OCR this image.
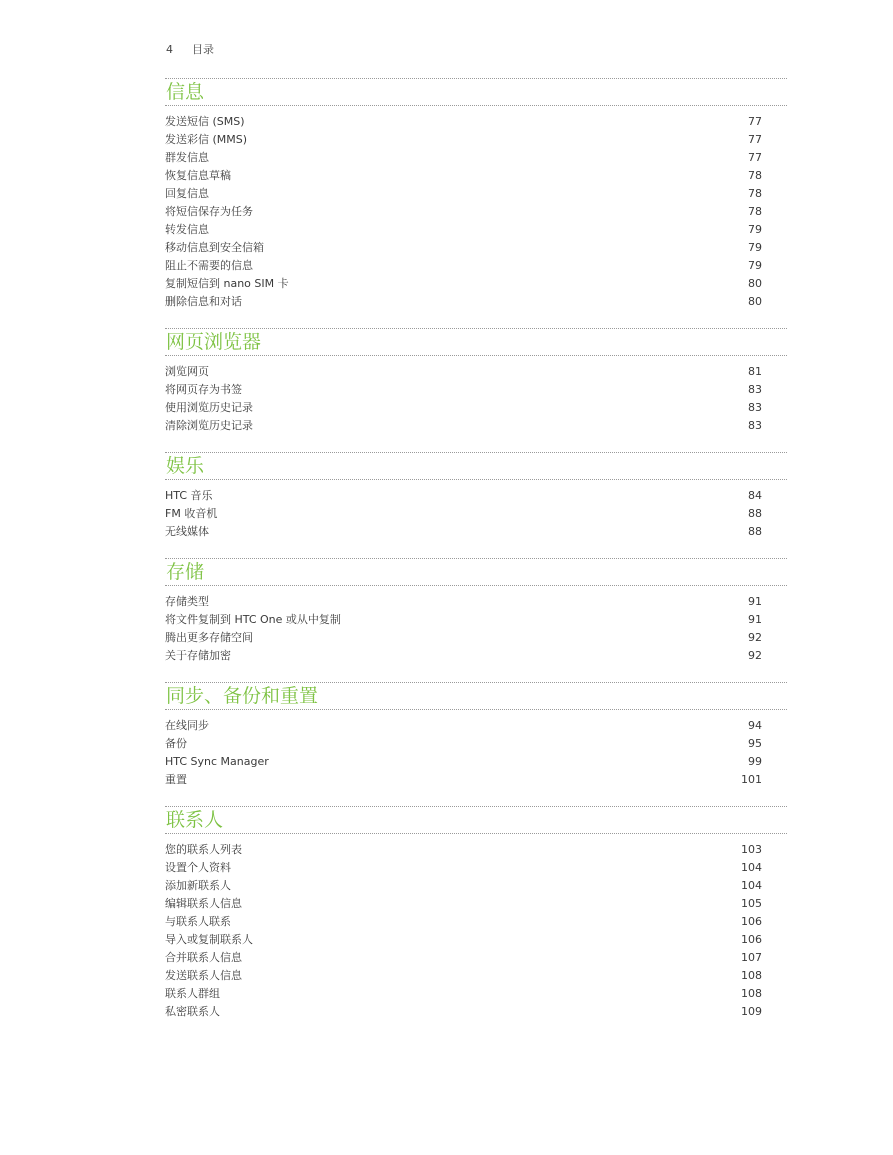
4 目录
信息
发送短信 (SMS)	77
发送彩信 (MMS)	77
群发信息	77
恢复信息草稿	78
回复信息	78
将短信保存为任务	78
转发信息	79
移动信息到安全信箱	79
阻止不需要的信息	79
复制短信到 nano SIM 卡	80
删除信息和对话	80
网页浏览器
浏览网页	81
将网页存为书签	83
使用浏览历史记录	83
清除浏览历史记录	83
娱乐
HTC 音乐	84
FM 收音机	88
无线媒体	88
存储
存储类型	91
将文件复制到 HTC One 或从中复制	91
腾出更多存储空间	92
关于存储加密	92
同步、备份和重置
在线同步	94
备份	95
HTC Sync Manager	99
重置	101
联系人
您的联系人列表	103
设置个人资料	104
添加新联系人	104
编辑联系人信息	105
与联系人联系	106
导入或复制联系人	106
合并联系人信息	107
发送联系人信息	108
联系人群组	108
私密联系人	109
